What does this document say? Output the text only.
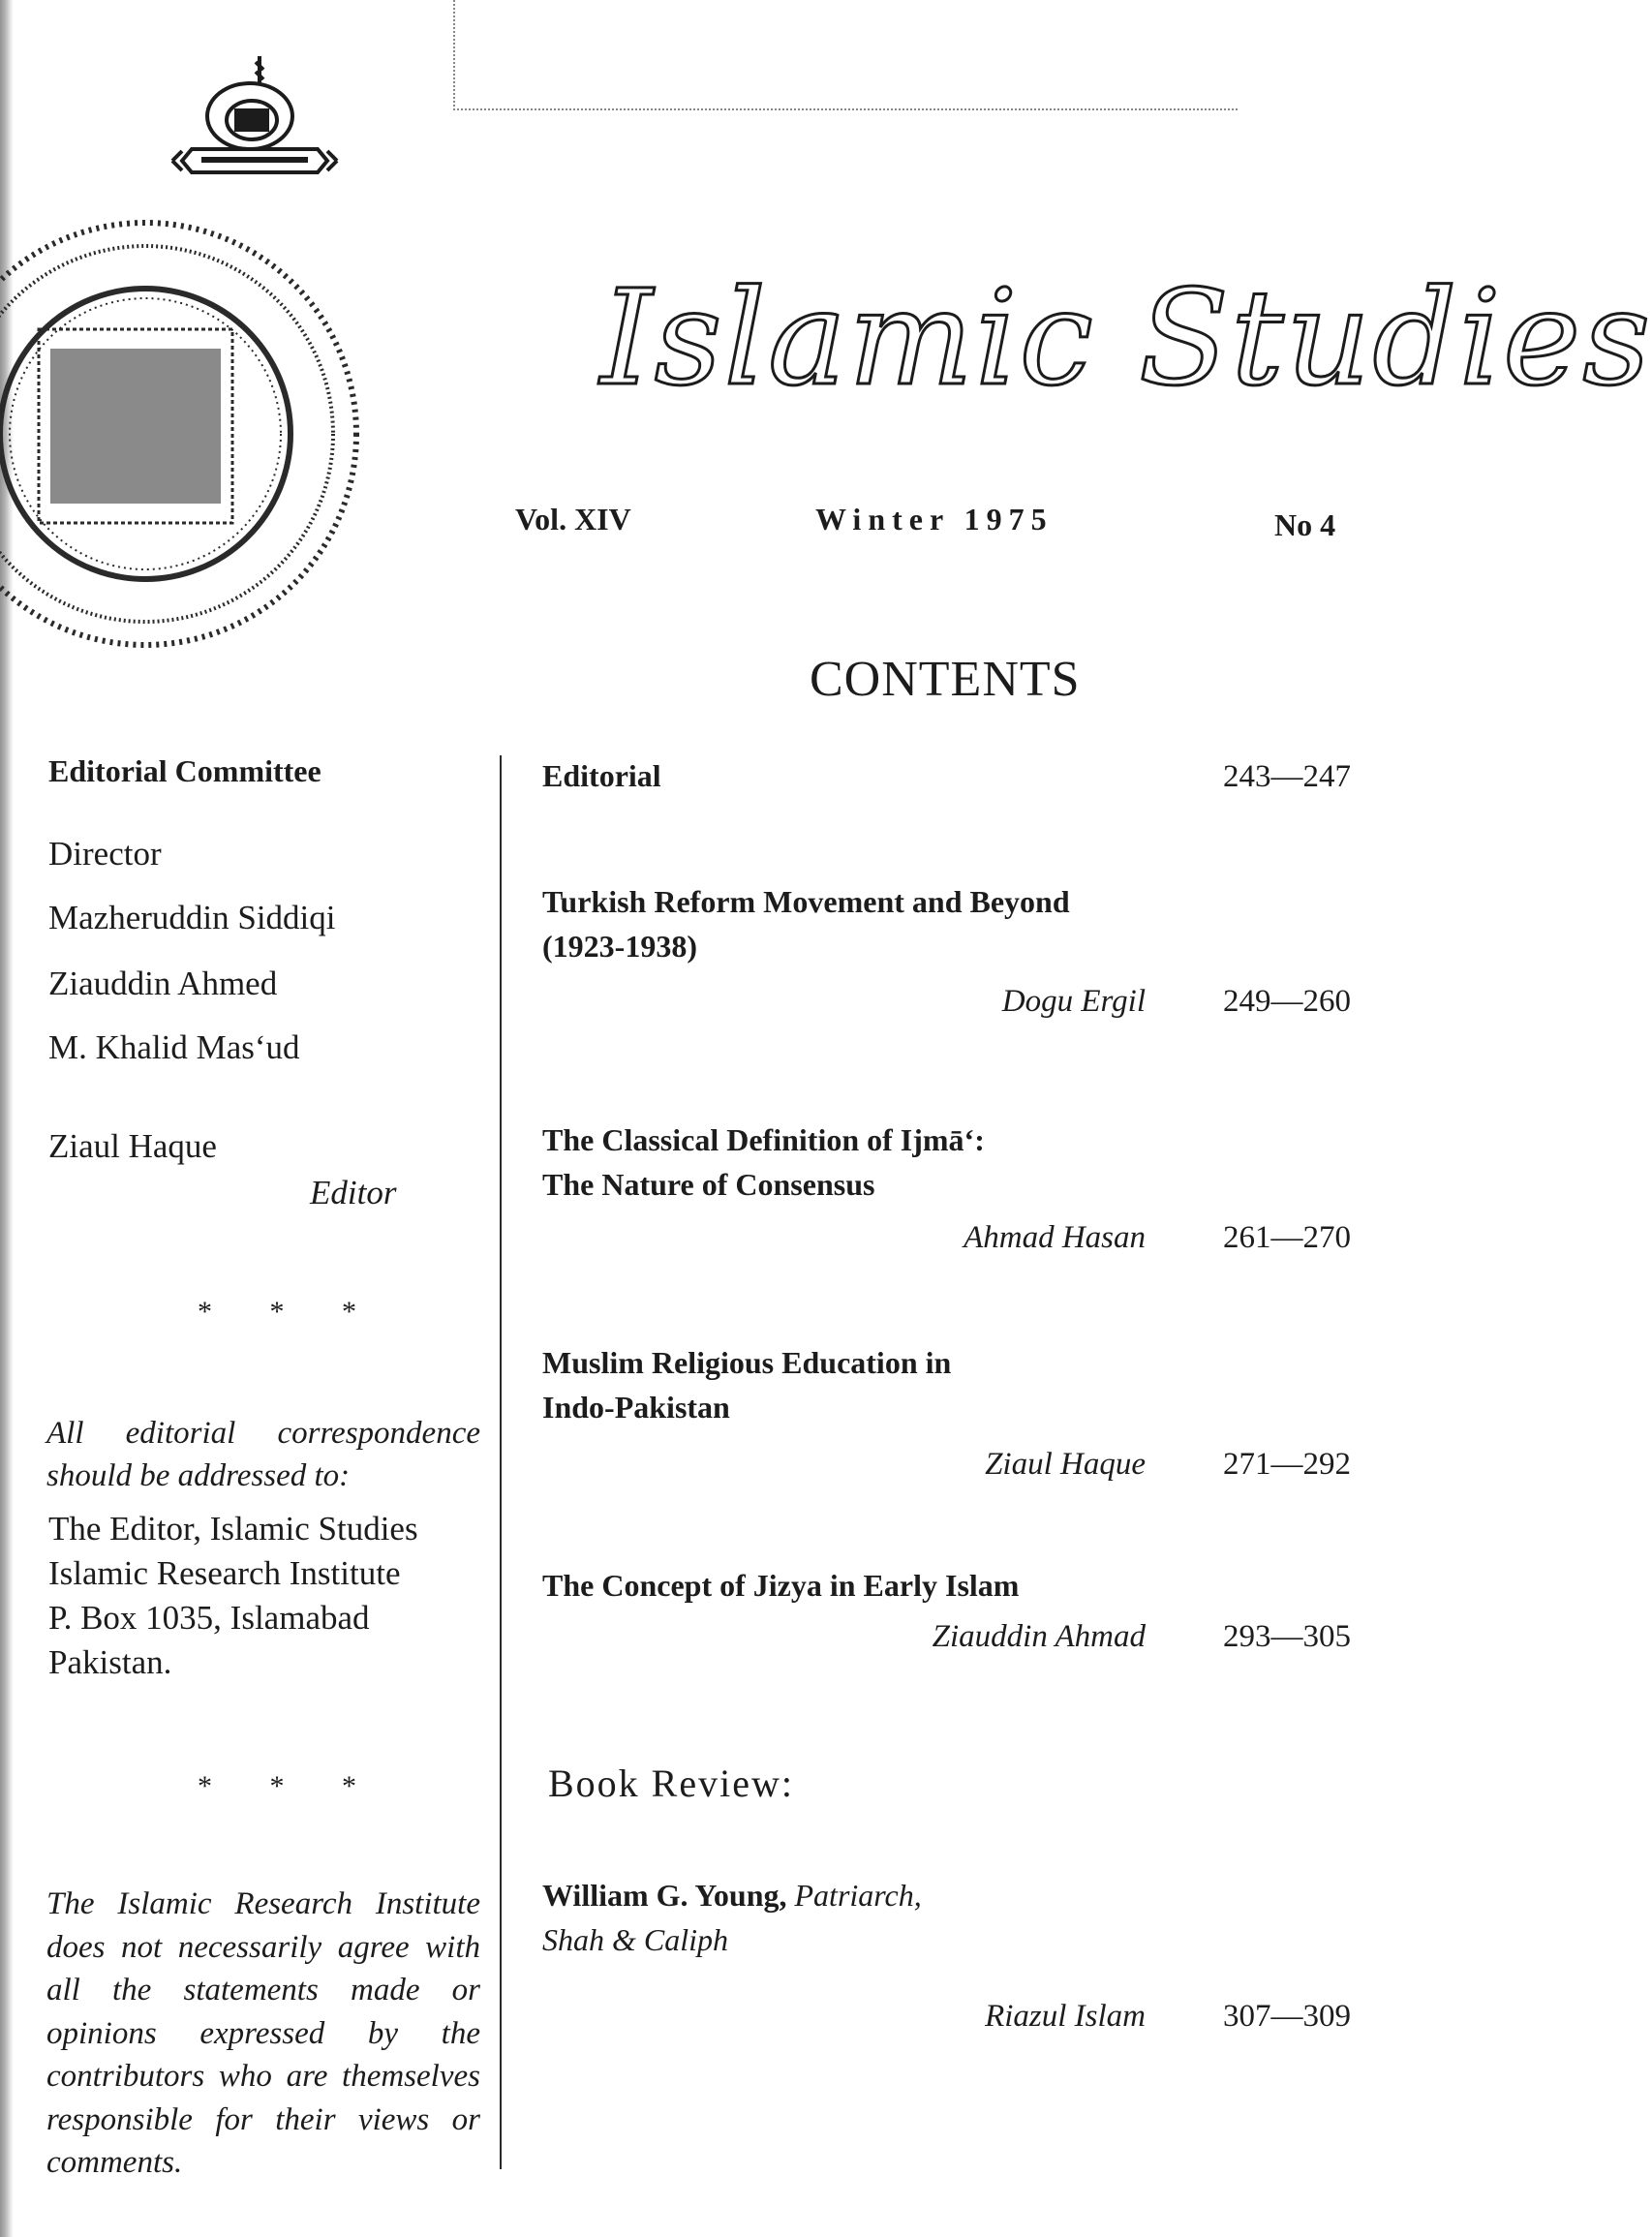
Islamic Studies
Vol. XIV	Winter 1975	No 4
CONTENTS
Editorial Committee
Director
Mazheruddin Siddiqi
Ziauddin Ahmed
M. Khalid Mas‘ud
Ziaul Haque
Editor
* * *
All editorial correspondence should be addressed to:
The Editor, Islamic Studies
Islamic Research Institute
P. Box 1035, Islamabad
Pakistan.
* * *
The Islamic Research Institute does not necessarily agree with all the statements made or opinions expressed by the contributors who are themselves responsible for their views or comments.
Editorial	243—247
Turkish Reform Movement and Beyond
(1923-1938)
Dogu Ergil 249—260
The Classical Definition of Ijmā‘:
The Nature of Consensus
Ahmad Hasan 261—270
Muslim Religious Education in
Indo-Pakistan
Ziaul Haque 271—292
The Concept of Jizya in Early Islam
Ziauddin Ahmad 293—305
Book Review:
William G. Young, Patriarch,
Shah & Caliph
Riazul Islam 307—309
